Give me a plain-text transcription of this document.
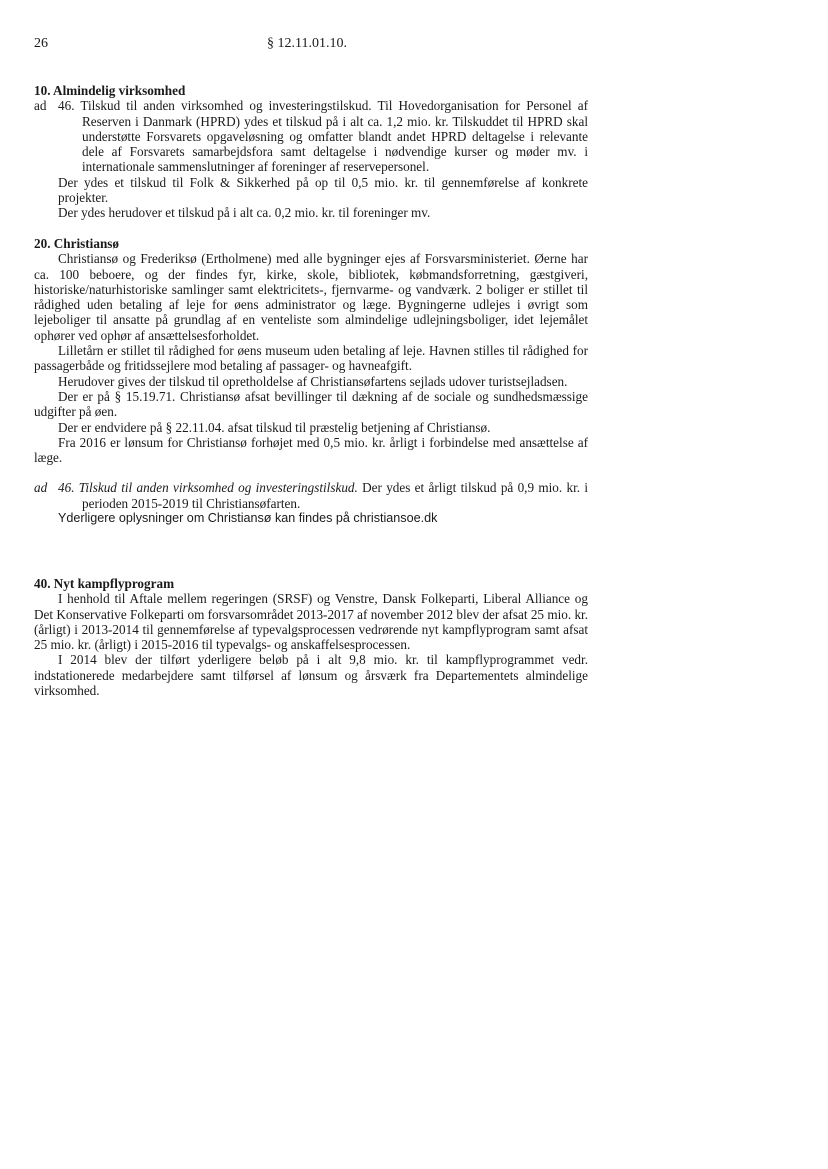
26	§ 12.11.01.10.

10. Almindelig virksomhed

ad 46. Tilskud til anden virksomhed og investeringstilskud. Til Hovedorganisation for Personel af Reserven i Danmark (HPRD) ydes et tilskud på i alt ca. 1,2 mio. kr. Tilskuddet til HPRD skal understøtte Forsvarets opgaveløsning og omfatter blandt andet HPRD deltagelse i relevante dele af Forsvarets samarbejdsfora samt deltagelse i nødvendige kurser og møder mv. i internationale sammenslutninger af foreninger af reservepersonel.

Der ydes et tilskud til Folk & Sikkerhed på op til 0,5 mio. kr. til gennemførelse af konkrete projekter.

Der ydes herudover et tilskud på i alt ca. 0,2 mio. kr. til foreninger mv.

20. Christiansø

Christiansø og Frederiksø (Ertholmene) med alle bygninger ejes af Forsvarsministeriet. Øerne har ca. 100 beboere, og der findes fyr, kirke, skole, bibliotek, købmandsforretning, gæstgiveri, historiske/naturhistoriske samlinger samt elektricitets-, fjernvarme- og vandværk. 2 boliger er stillet til rådighed uden betaling af leje for øens administrator og læge. Bygningerne udlejes i øvrigt som lejeboliger til ansatte på grundlag af en venteliste som almindelige udlejningsboliger, idet lejemålet ophører ved ophør af ansættelsesforholdet.

Lilletårn er stillet til rådighed for øens museum uden betaling af leje. Havnen stilles til rådighed for passagerbåde og fritidssejlere mod betaling af passager- og havneafgift.

Herudover gives der tilskud til opretholdelse af Christiansøfartens sejlads udover turistsejladsen.

Der er på § 15.19.71. Christiansø afsat bevillinger til dækning af de sociale og sundhedsmæssige udgifter på øen.

Der er endvidere på § 22.11.04. afsat tilskud til præstelig betjening af Christiansø.

Fra 2016 er lønsum for Christiansø forhøjet med 0,5 mio. kr. årligt i forbindelse med ansættelse af læge.

ad 46. Tilskud til anden virksomhed og investeringstilskud. Der ydes et årligt tilskud på 0,9 mio. kr. i perioden 2015-2019 til Christiansøfarten.

Yderligere oplysninger om Christiansø kan findes på christiansoe.dk

40. Nyt kampflyprogram

I henhold til Aftale mellem regeringen (SRSF) og Venstre, Dansk Folkeparti, Liberal Alliance og Det Konservative Folkeparti om forsvarsområdet 2013-2017 af november 2012 blev der afsat 25 mio. kr. (årligt) i 2013-2014 til gennemførelse af typevalgsprocessen vedrørende nyt kampflyprogram samt afsat 25 mio. kr. (årligt) i 2015-2016 til typevalgs- og anskaffelsesprocessen.

I 2014 blev der tilført yderligere beløb på i alt 9,8 mio. kr. til kampflyprogrammet vedr. indstationerede medarbejdere samt tilførsel af lønsum og årsværk fra Departementets almindelige virksomhed.
